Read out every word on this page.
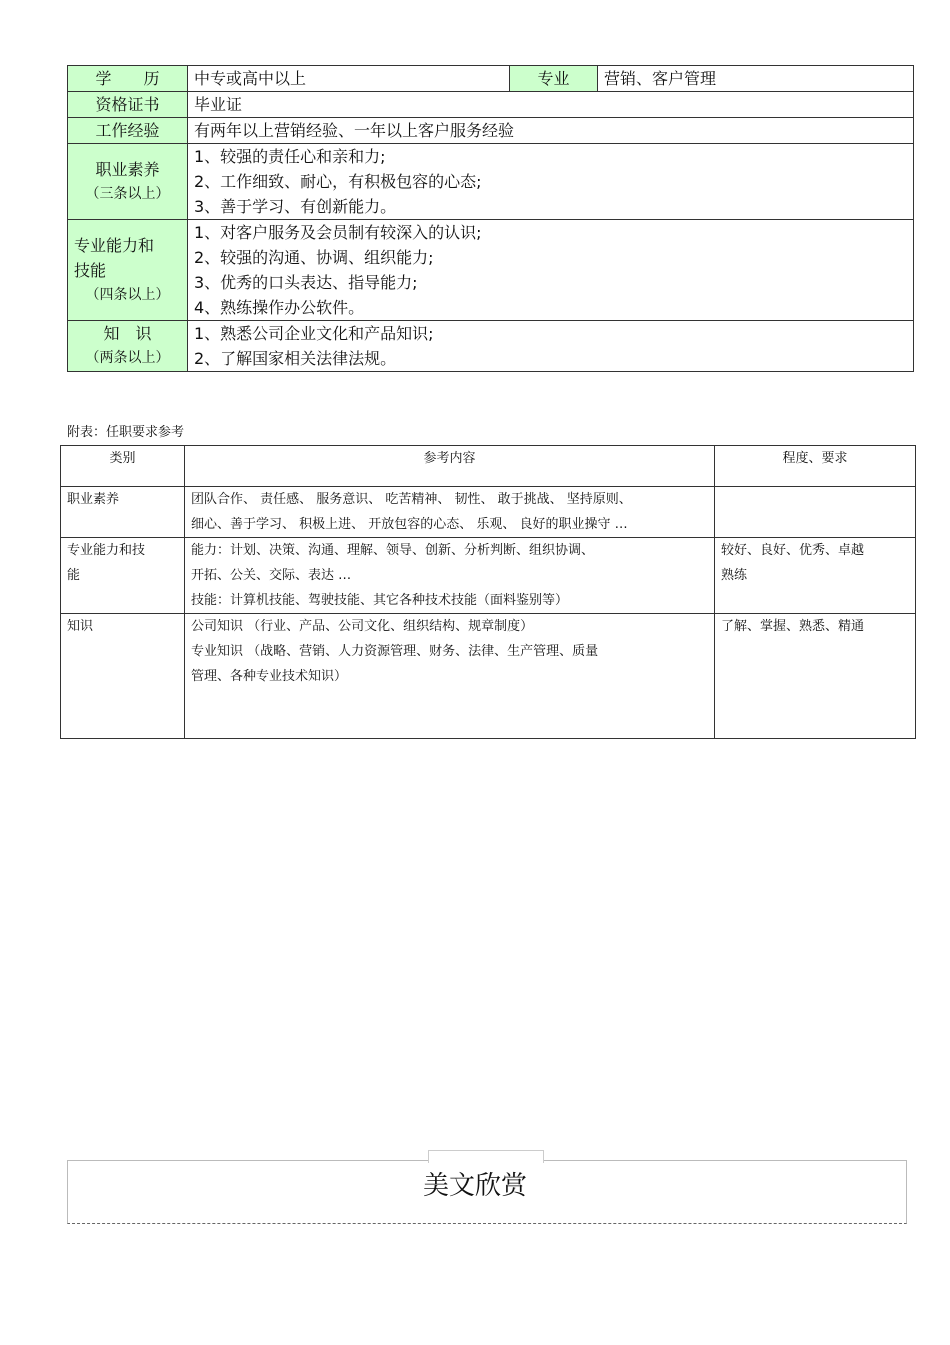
学　　历	中专或高中以上	专业	营销、客户管理
资格证书	毕业证		
工作经验	有两年以上营销经验、一年以上客户服务经验		

职业素养
（三条以上）	1、较强的责任心和亲和力;
2、工作细致、耐心，有积极包容的心态;
3、善于学习、有创新能力。		

专业能力和
技能
（四条以上）	1、对客户服务及会员制有较深入的认识;
2、较强的沟通、协调、组织能力;
3、优秀的口头表达、指导能力;
4、熟练操作办公软件。		

知　识
（两条以上）	1、熟悉公司企业文化和产品知识;
2、了解国家相关法律法规。		
附表：任职要求参考
类别	参考内容	程度、要求
职业素养	团队合作、 责任感、 服务意识、 吃苦精神、 韧性、 敢于挑战、 坚持原则、
细心、善于学习、 积极上进、 开放包容的心态、 乐观、 良好的职业操守 …	

专业能力和技
能	能力：计划、决策、沟通、理解、领导、创新、分析判断、组织协调、
开拓、公关、交际、表达 …
技能：计算机技能、驾驶技能、其它各种技术技能（面料鉴别等）	较好、良好、优秀、卓越
熟练

知识	公司知识 （行业、产品、公司文化、组织结构、规章制度）
专业知识 （战略、营销、人力资源管理、财务、法律、生产管理、质量
管理、各种专业技术知识）	了解、掌握、熟悉、精通
美文欣赏
